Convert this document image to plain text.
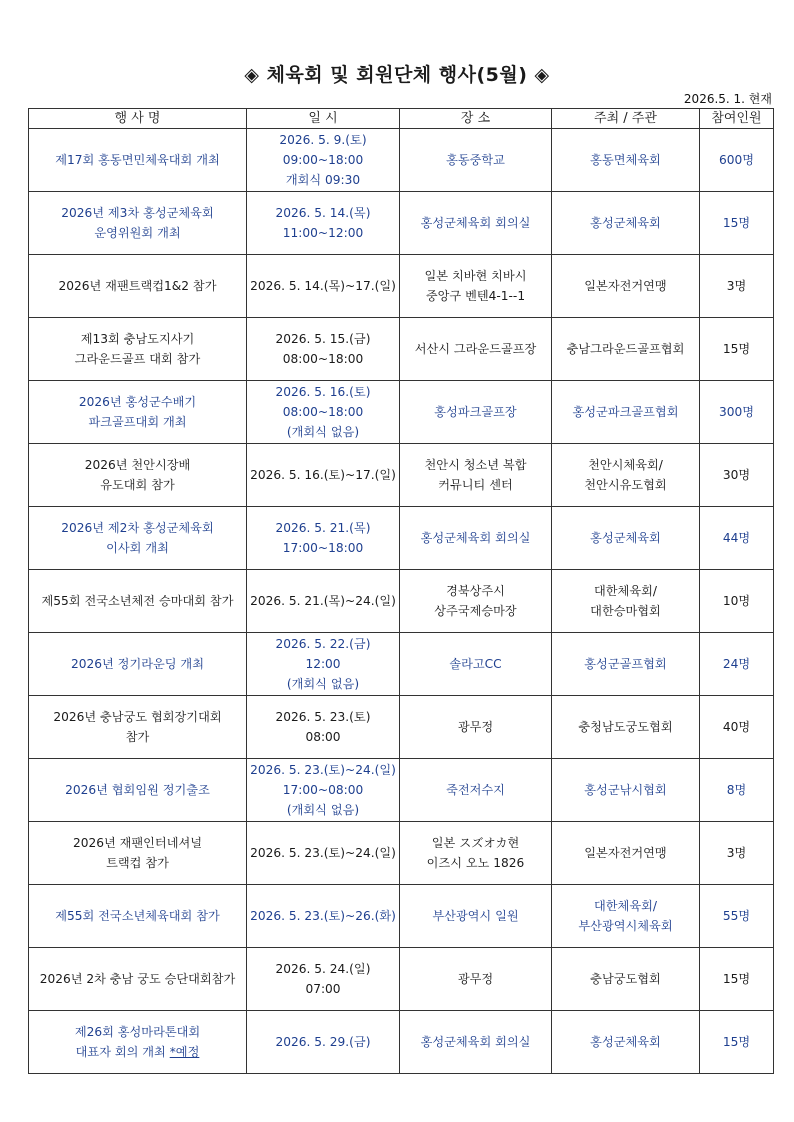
◈ 체육회 및 회원단체 행사(5월) ◈
2026.5. 1. 현재
행 사 명	일 시	장 소	주최 / 주관	참여인원

제17회 홍동면민체육대회 개최	2026. 5. 9.(토)
09:00~18:00
개회식 09:30	홍동중학교	홍동면체육회	600명

2026년 제3차 홍성군체육회
운영위원회 개최	2026. 5. 14.(목)
11:00~12:00	홍성군체육회 회의실	홍성군체육회	15명

2026년 재팬트랙컵1&2 참가	2026. 5. 14.(목)~17.(일)	일본 치바현 치바시
중앙구 벤텐4-1--1	일본자전거연맹	3명

제13회 충남도지사기
그라운드골프 대회 참가	2026. 5. 15.(금)
08:00~18:00	서산시 그라운드골프장	충남그라운드골프협회	15명

2026년 홍성군수배기
파크골프대회 개최	2026. 5. 16.(토)
08:00~18:00
(개회식 없음)	홍성파크골프장	홍성군파크골프협회	300명

2026년 천안시장배
유도대회 참가	2026. 5. 16.(토)~17.(일)	천안시 청소년 복합
커뮤니티 센터	천안시체육회/
천안시유도협회	30명

2026년 제2차 홍성군체육회
이사회 개최	2026. 5. 21.(목)
17:00~18:00	홍성군체육회 회의실	홍성군체육회	44명

제55회 전국소년체전 승마대회 참가	2026. 5. 21.(목)~24.(일)	경북상주시
상주국제승마장	대한체육회/
대한승마협회	10명

2026년 정기라운딩 개최	2026. 5. 22.(금)
12:00
(개회식 없음)	솔라고CC	홍성군골프협회	24명

2026년 충남궁도 협회장기대회
참가	2026. 5. 23.(토)
08:00	광무정	충청남도궁도협회	40명

2026년 협회임원 정기출조	2026. 5. 23.(토)~24.(일)
17:00~08:00
(개회식 없음)	죽전저수지	홍성군낚시협회	8명

2026년 재팬인터네셔널
트랙컵 참가	2026. 5. 23.(토)~24.(일)	일본 スズオカ현
이즈시 오노 1826	일본자전거연맹	3명

제55회 전국소년체육대회 참가	2026. 5. 23.(토)~26.(화)	부산광역시 일원	대한체육회/
부산광역시체육회	55명

2026년 2차 충남 궁도 승단대회참가	2026. 5. 24.(일)
07:00	광무정	충남궁도협회	15명

제26회 홍성마라톤대회
대표자 회의 개최 *예정	2026. 5. 29.(금)	홍성군체육회 회의실	홍성군체육회	15명
